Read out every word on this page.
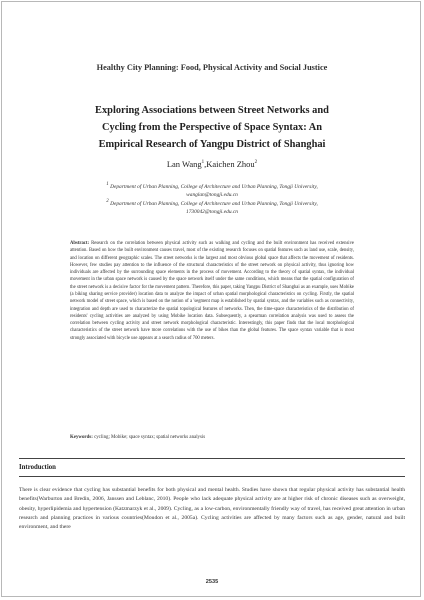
Healthy City Planning: Food, Physical Activity and Social Justice
Exploring Associations between Street Networks and
Cycling from the Perspective of Space Syntax: An
Empirical Research of Yangpu District of Shanghai
Lan Wang$^1$,Kaichen Zhou$^2$
$^1$ Department of Urban Planning, College of Architecture and Urban Planning, Tongji University,
wanglan@tongji.edu.cn
$^2$ Department of Urban Planning, College of Architecture and Urban Planning, Tongji University,
1730042@tongji.edu.cn
Abstract: Research on the correlation between physical activity such as walking and cycling and the built environment has received extensive attention. Based on how the built environment causes travel, most of the existing research focuses on spatial features such as land use, scale, density, and location on different geographic scales. The street networks is the largest and most obvious global space that affects the movement of residents. However, few studies pay attention to the influence of the structural characteristics of the street network on physical activity, thus ignoring how individuals are affected by the surrounding space elements in the process of movement. According to the theory of spatial syntax, the individual movement in the urban space network is caused by the space network itself under the same conditions, which means that the spatial configuration of the street network is a decisive factor for the movement pattern. Therefore, this paper, taking Yangpu District of Shanghai as an example, uses Mobike (a biking sharing service provider) location data to analyze the impact of urban spatial morphological characteristics on cycling. Firstly, the spatial network model of street space, which is based on the notion of a 'segment map is established by spatial syntax, and the variables such as connectivity, integration and depth are used to characterize the spatial topological features of networks. Then, the time-space characteristics of the distribution of residents' cycling activities are analyzed by using Mobike location data. Subsequently, a spearman correlation analysis was used to assess the correlation between cycling activity and street network morphological characteristic. Interestingly, this paper finds that the local morphological characteristics of the street network have more correlations with the use of bikes than the global features. The space syntax variable that is most strongly associated with bicycle use appears at a search radius of 700 meters.
Keywords: cycling; Mobike; space syntax; spatial networks analysis
Introduction
There is clear evidence that cycling has substantial benefits for both physical and mental health. Studies have shown that regular physical activity has substantial health benefits(Warburton and Bredin, 2006, Janssen and Leblanc, 2010). People who lack adequate physical activity are at higher risk of chronic diseases such as overweight, obesity, hyperlipidemia and hypertension (Katzmarzyk et al., 2009). Cycling, as a low-carbon, environmentally friendly way of travel, has received great attention in urban research and planning practices in various countries(Moudon et al., 2005a). Cycling activities are affected by many factors such as age, gender, natural and built environment, and there
2535
